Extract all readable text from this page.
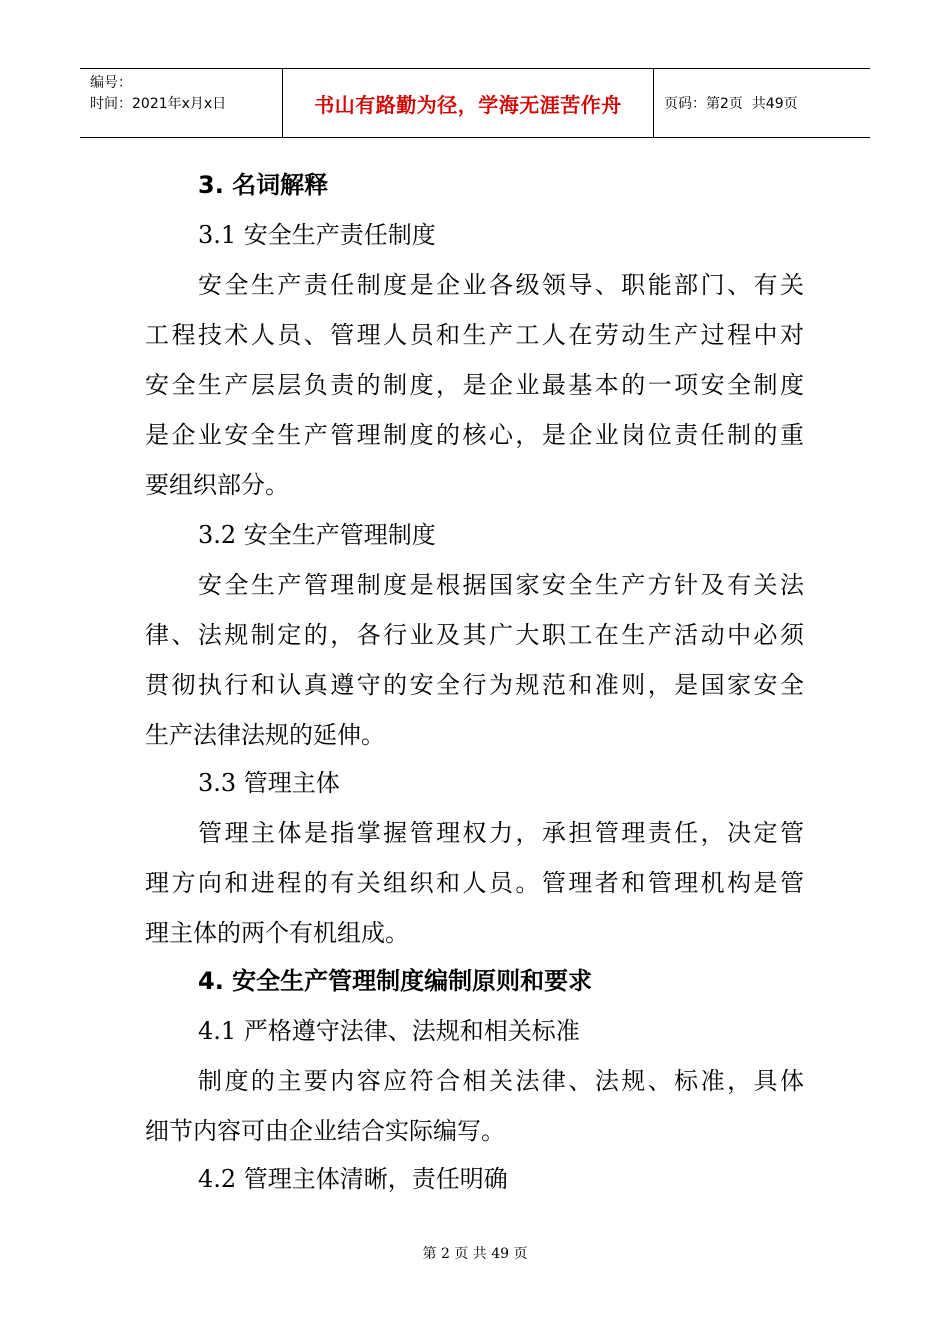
编号：
时间：2021年x月x日	书山有路勤为径，学海无涯苦作舟	页码：第2页  共49页
3. 名词解释
3.1 安全生产责任制度
安全生产责任制度是企业各级领导、职能部门、有关
工程技术人员、管理人员和生产工人在劳动生产过程中对
安全生产层层负责的制度，是企业最基本的一项安全制度
是企业安全生产管理制度的核心，是企业岗位责任制的重
要组织部分。
3.2 安全生产管理制度
安全生产管理制度是根据国家安全生产方针及有关法
律、法规制定的，各行业及其广大职工在生产活动中必须
贯彻执行和认真遵守的安全行为规范和准则，是国家安全
生产法律法规的延伸。
3.3 管理主体
管理主体是指掌握管理权力，承担管理责任，决定管
理方向和进程的有关组织和人员。管理者和管理机构是管
理主体的两个有机组成。
4. 安全生产管理制度编制原则和要求
4.1 严格遵守法律、法规和相关标准
制度的主要内容应符合相关法律、法规、标准，具体
细节内容可由企业结合实际编写。
4.2 管理主体清晰，责任明确
第 2 页 共 49 页
